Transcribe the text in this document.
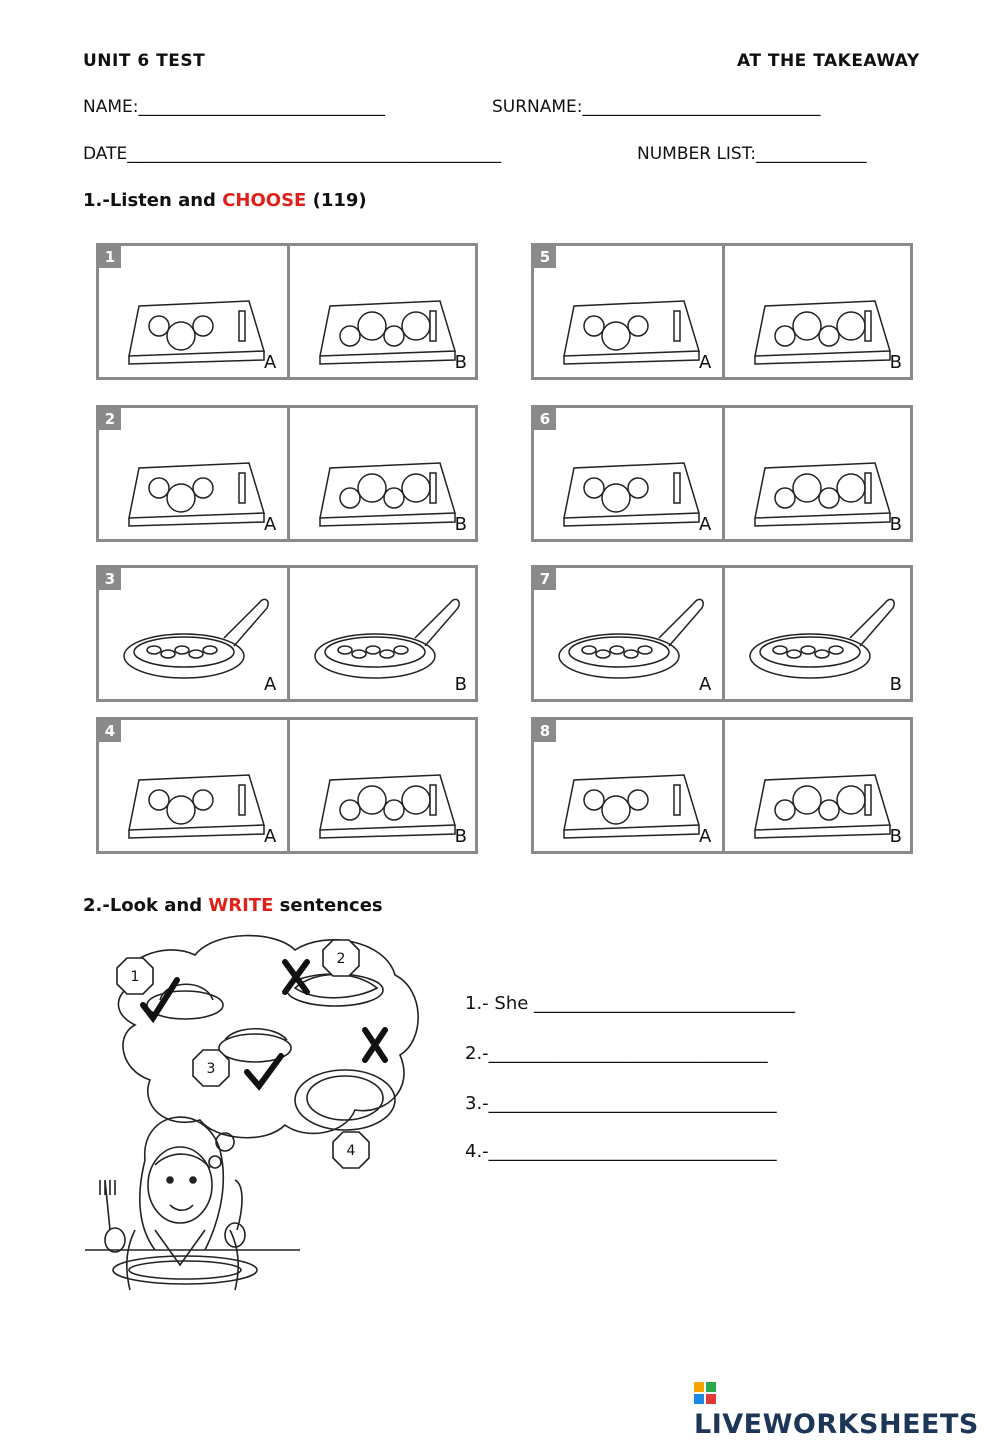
UNIT 6 TEST	AT THE TAKEAWAY
NAME:_____________________________	SURNAME:____________________________
DATE____________________________________________	NUMBER LIST:_____________
1.-Listen and CHOOSE (119)
1
A	B
2
A	B
3
A	B
4
A	B
5
A	B
6
A	B
7
A	B
8
A	B
2.-Look and WRITE sentences
1
2
3
4
1.- She _____________________________
2.-_______________________________
3.-________________________________
4.-________________________________
LIVEWORKSHEETS
